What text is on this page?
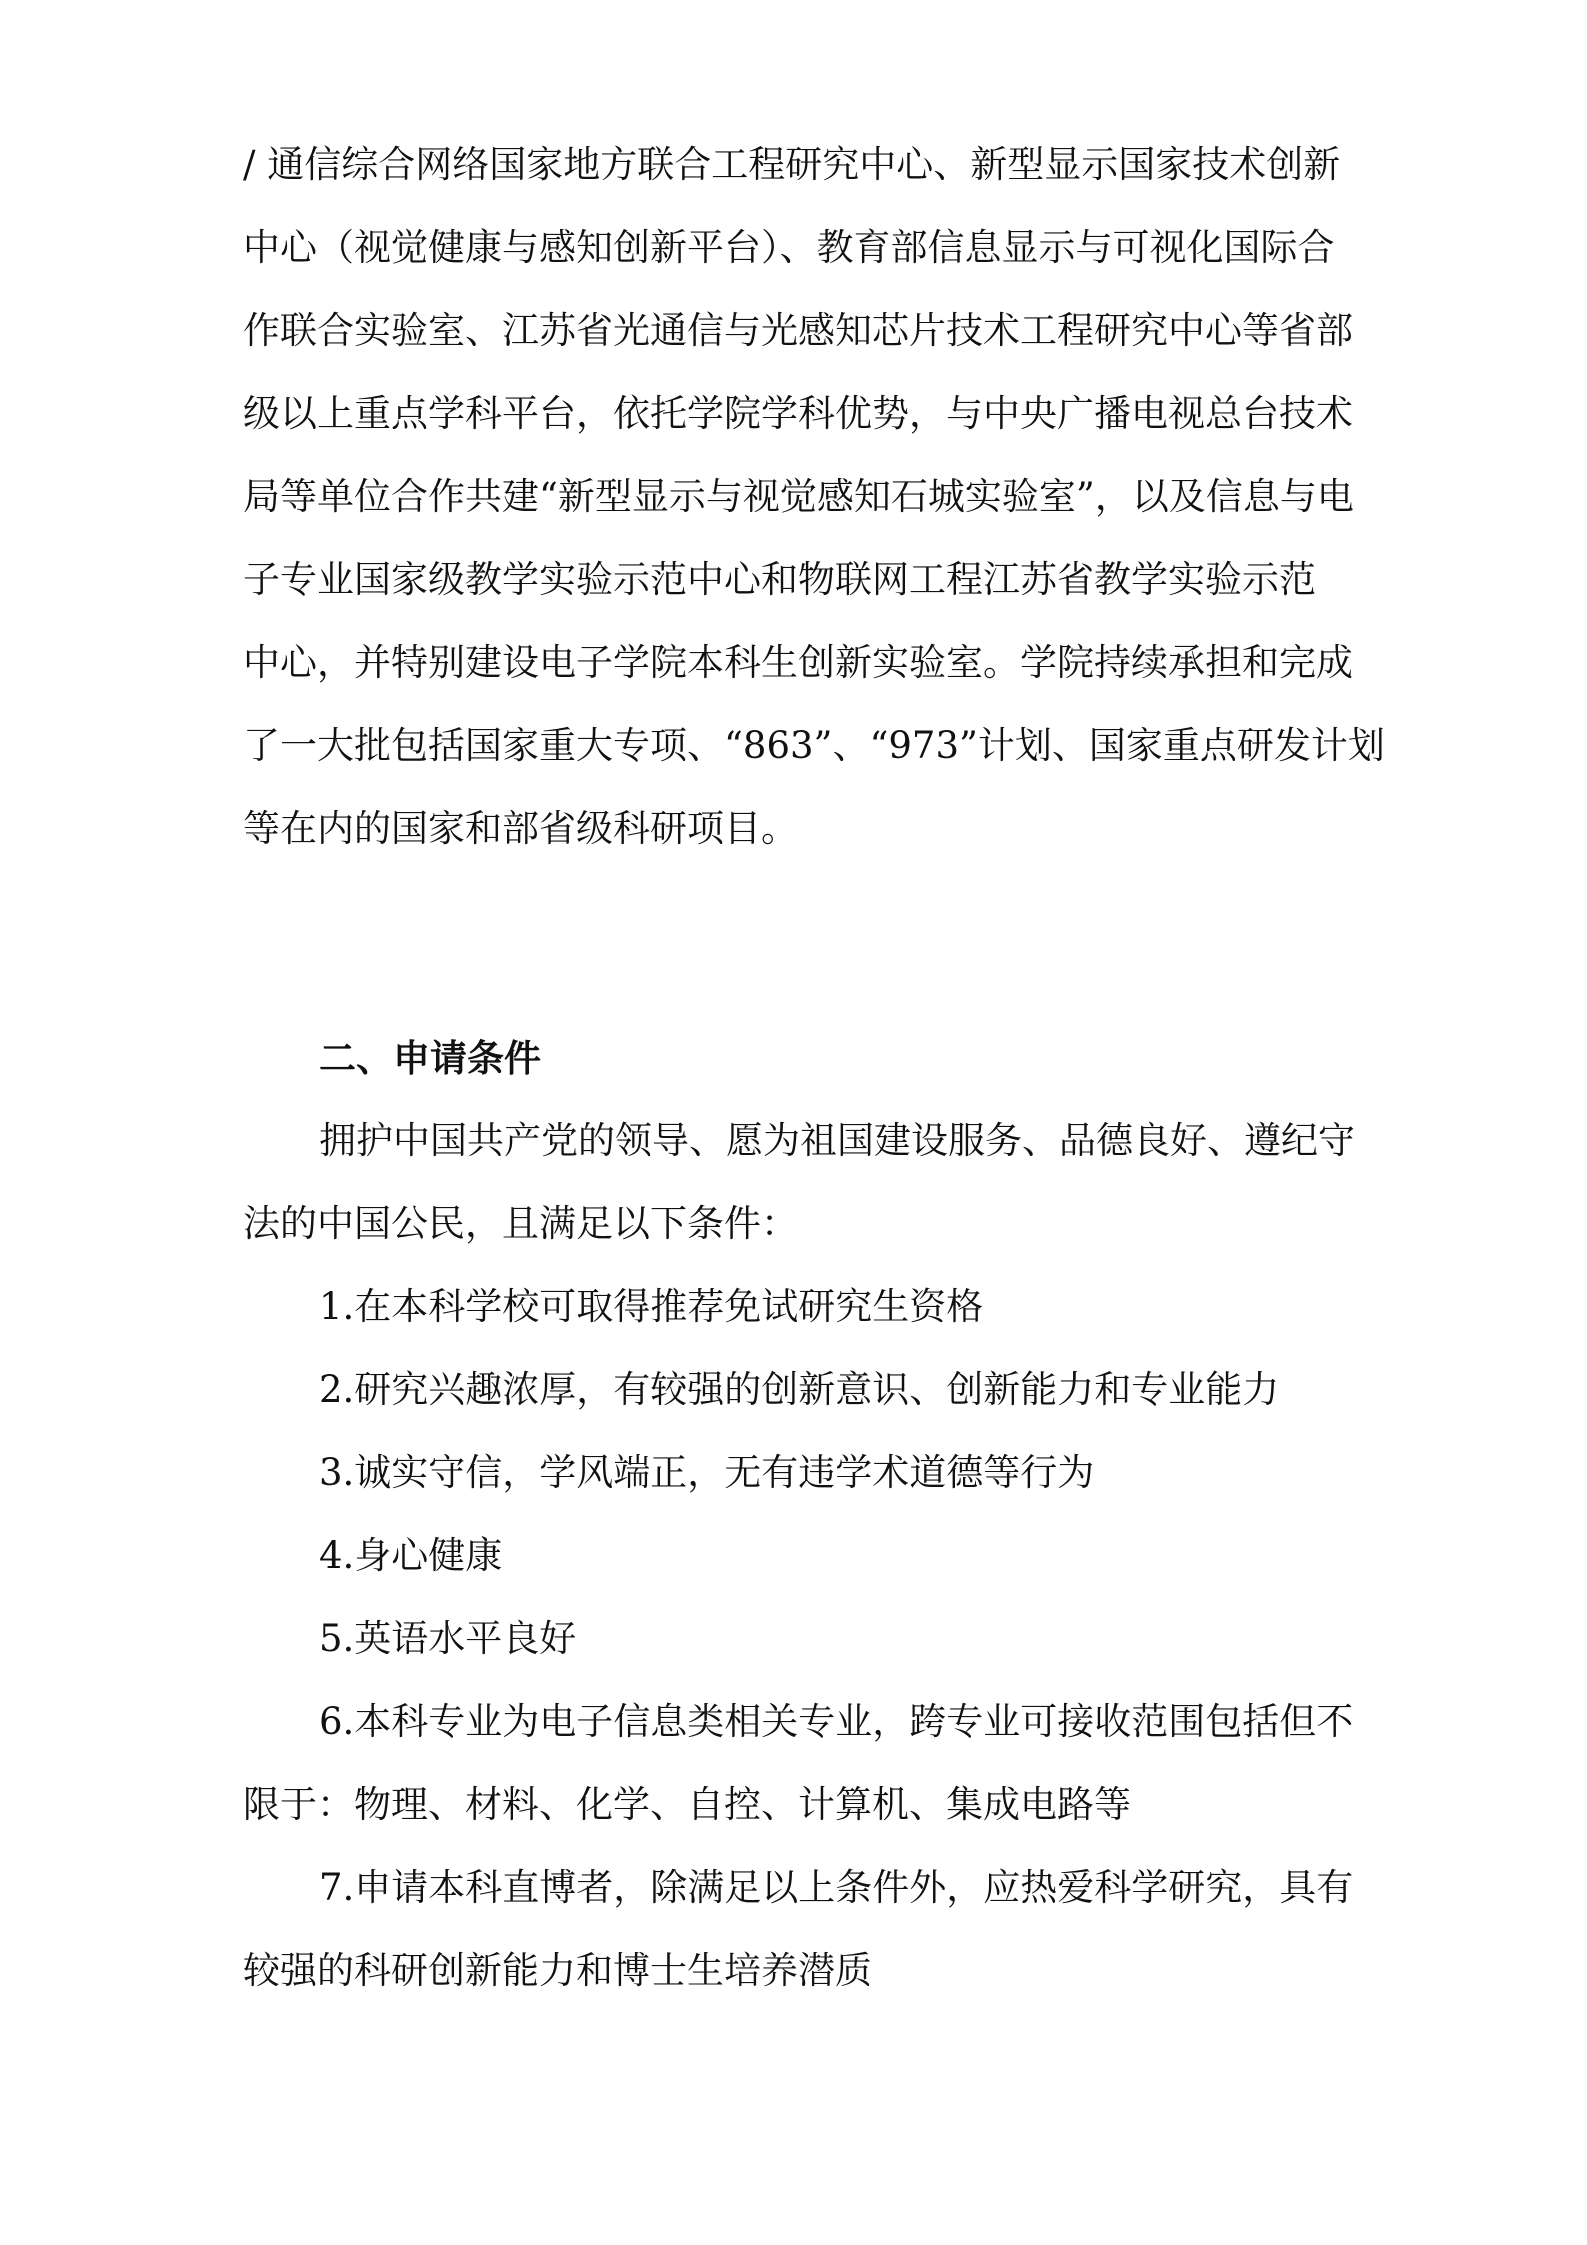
/ 通信综合网络国家地方联合工程研究中心、新型显示国家技术创新
中心（视觉健康与感知创新平台）、教育部信息显示与可视化国际合
作联合实验室、江苏省光通信与光感知芯片技术工程研究中心等省部
级以上重点学科平台，依托学院学科优势，与中央广播电视总台技术
局等单位合作共建“新型显示与视觉感知石城实验室”，以及信息与电
子专业国家级教学实验示范中心和物联网工程江苏省教学实验示范
中心，并特别建设电子学院本科生创新实验室。学院持续承担和完成
了一大批包括国家重大专项、“863”、“973”计划、国家重点研发计划
等在内的国家和部省级科研项目。
二、申请条件
拥护中国共产党的领导、愿为祖国建设服务、品德良好、遵纪守
法的中国公民，且满足以下条件：
1.在本科学校可取得推荐免试研究生资格
2.研究兴趣浓厚，有较强的创新意识、创新能力和专业能力
3.诚实守信，学风端正，无有违学术道德等行为
4.身心健康
5.英语水平良好
6.本科专业为电子信息类相关专业，跨专业可接收范围包括但不
限于：物理、材料、化学、自控、计算机、集成电路等
7.申请本科直博者，除满足以上条件外，应热爱科学研究，具有
较强的科研创新能力和博士生培养潜质
